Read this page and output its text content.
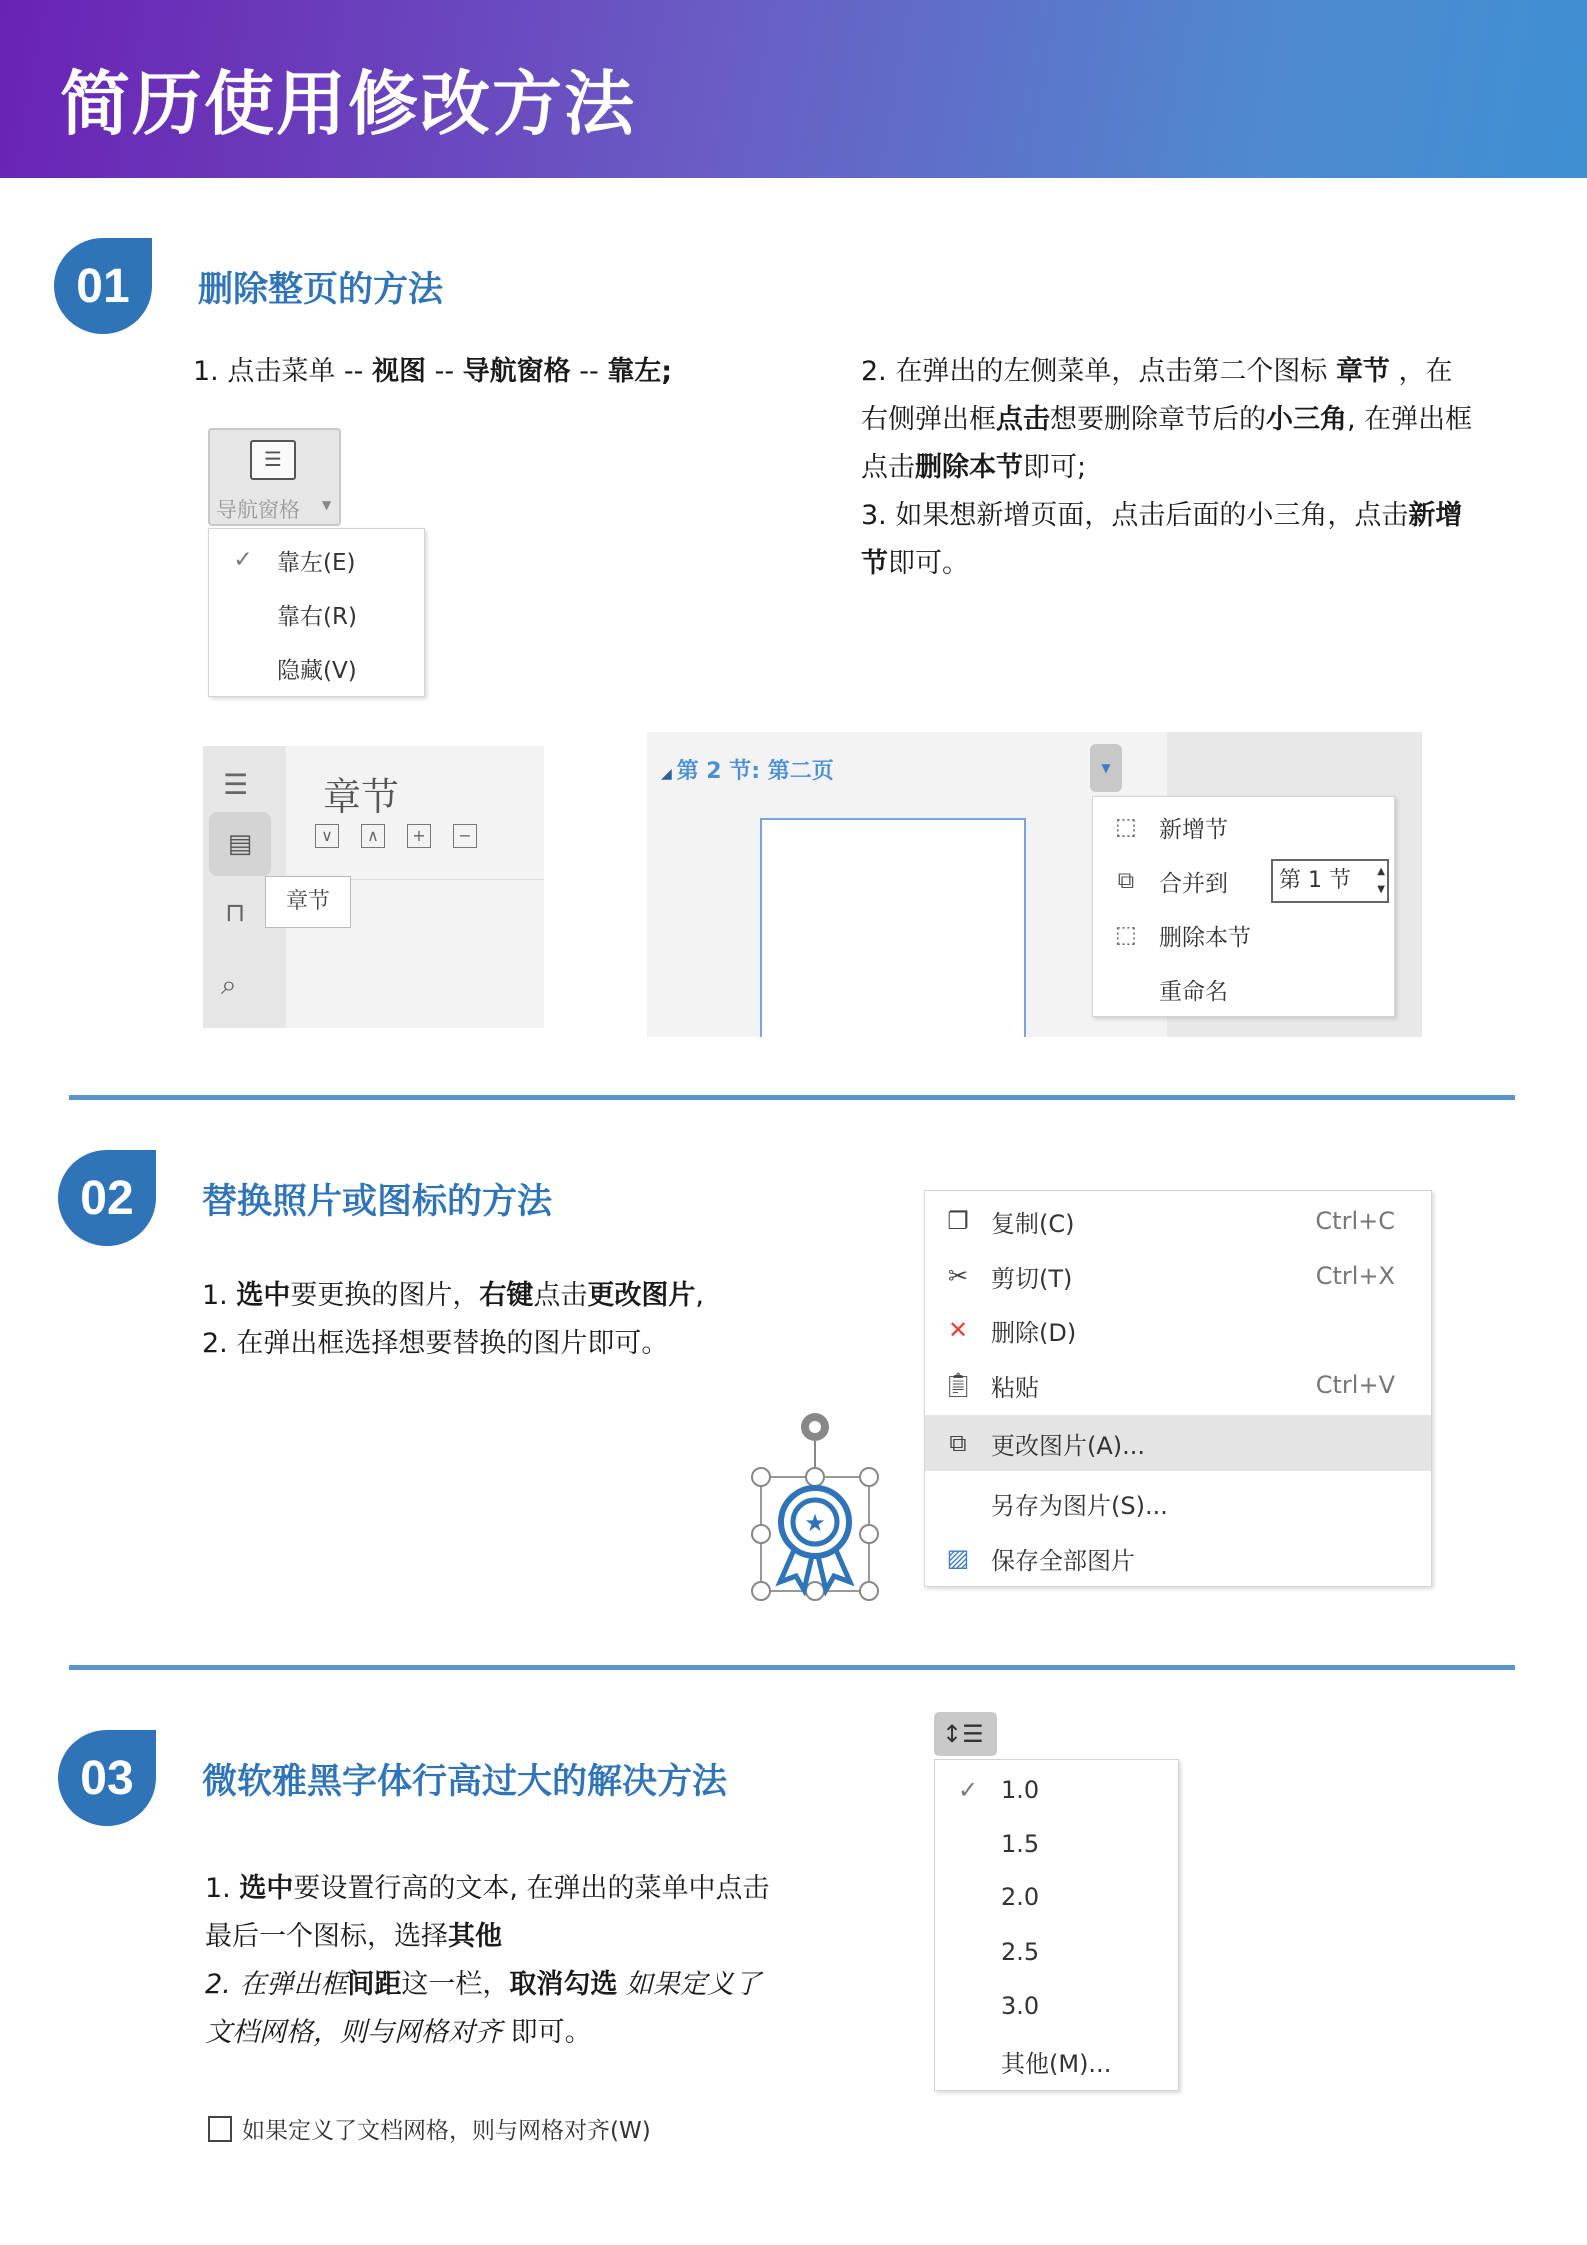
简历使用修改方法
01	删除整页的方法
1. 点击菜单 -- 视图 -- 导航窗格 -- 靠左;	2. 在弹出的左侧菜单，点击第二个图标 章节 ，在
右侧弹出框点击想要删除章节后的小三角, 在弹出框
点击删除本节即可;
3. 如果想新增页面，点击后面的小三角，点击新增
节即可。
☰
导航窗格 ▼
✓	靠左(E)
靠右(R)
隐藏(V)
☰
▤
⊓
⌕
章节
∨	∧	+	−
章节
◢ 第 2 节: 第二页	▼
⬚ 新增节
⧉	合并到	第 1 节	▲
▼
⬚ 删除本节
重命名
02	替换照片或图标的方法
1. 选中要更换的图片，右键点击更改图片,
2. 在弹出框选择想要替换的图片即可。
★
❐ 复制(C)	Ctrl+C
✂ 剪切(T)	Ctrl+X
✕ 删除(D)
📋︎ 粘贴	Ctrl+V
⧉	更改图片(A)...
另存为图片(S)...
▨ 保存全部图片
03	微软雅黑字体行高过大的解决方法
1. 选中要设置行高的文本, 在弹出的菜单中点击
最后一个图标，选择其他
2. 在弹出框间距这一栏，取消勾选 如果定义了
文档网格，则与网格对齐 即可。
如果定义了文档网格，则与网格对齐(W)
↕☰
✓ 1.0
1.5
2.0
2.5
3.0
其他(M)...
